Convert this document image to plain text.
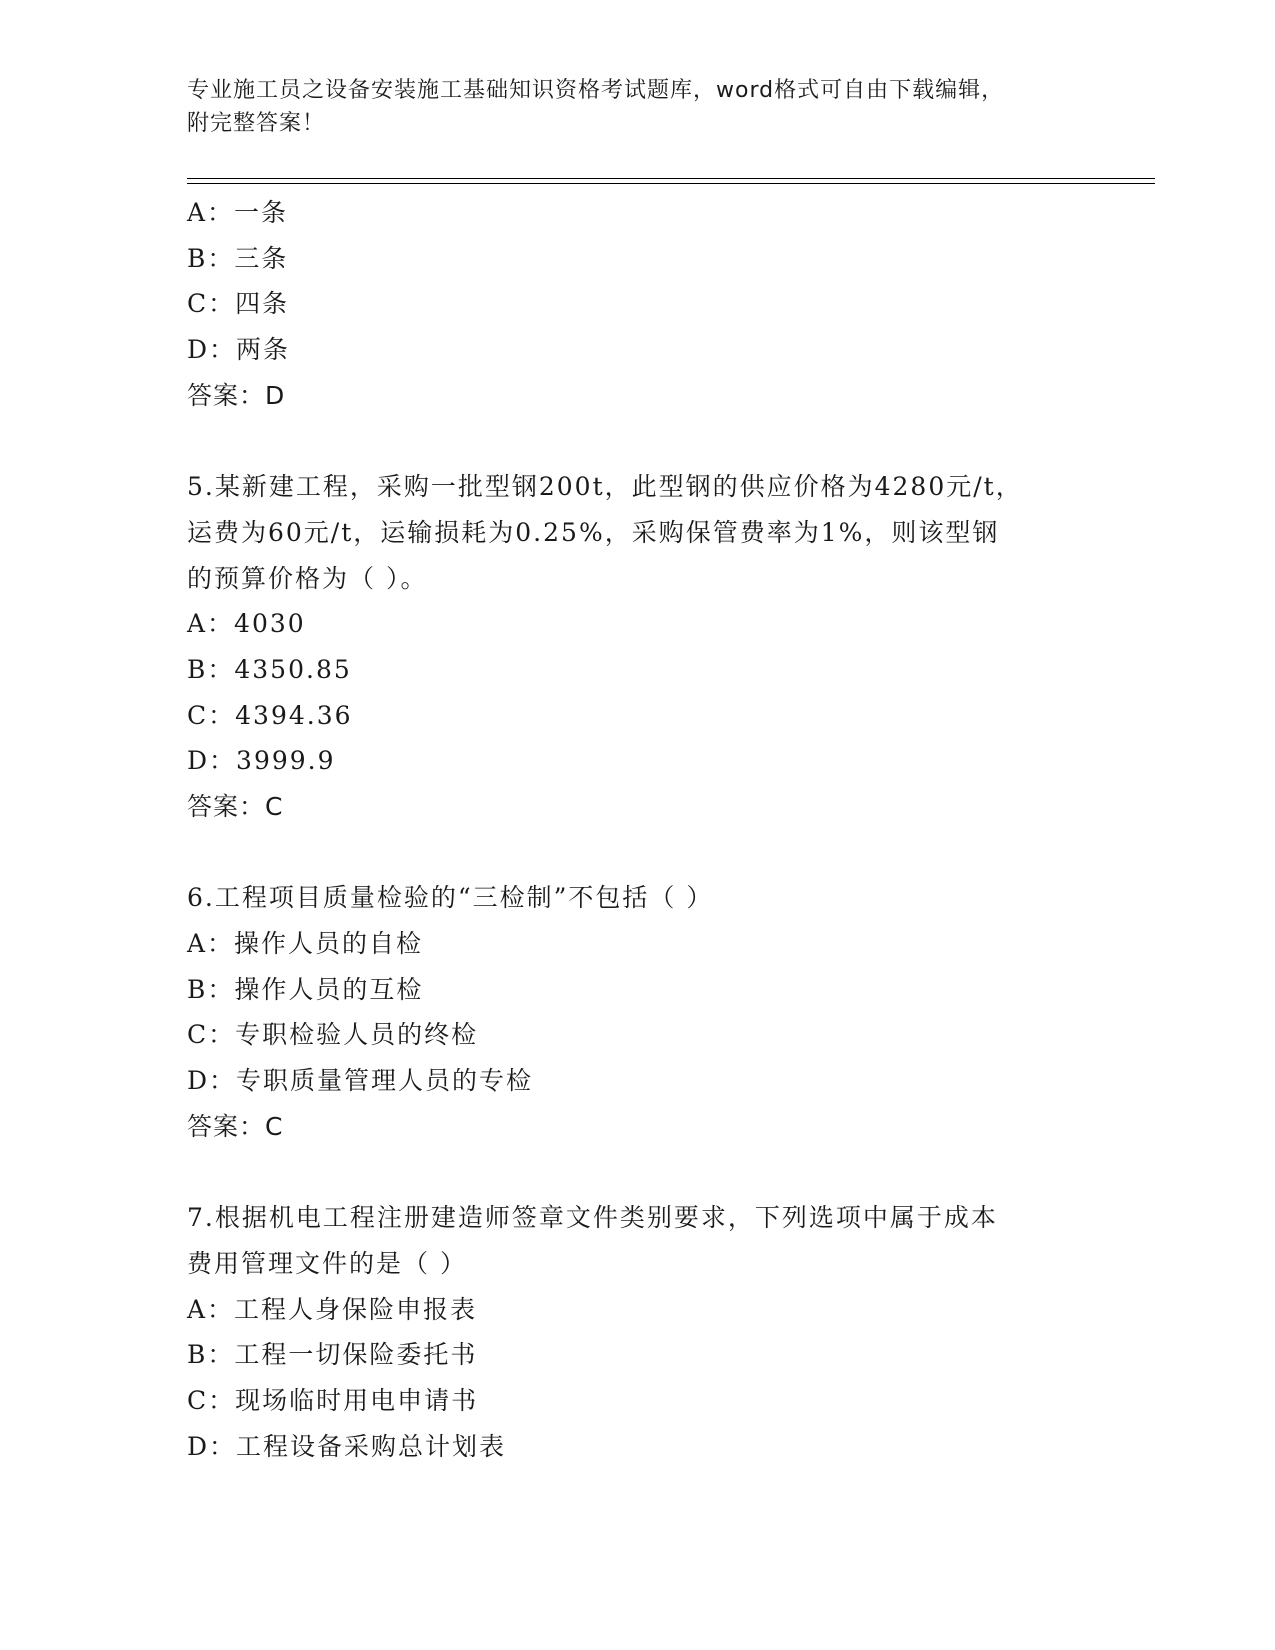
专业施工员之设备安装施工基础知识资格考试题库，word格式可自由下载编辑，
附完整答案！
A：一条
B：三条
C：四条
D：两条
答案：D
5.某新建工程，采购一批型钢200t，此型钢的供应价格为4280元/t，
运费为60元/t，运输损耗为0.25%，采购保管费率为1%，则该型钢
的预算价格为（ ）。
A：4030
B：4350.85
C：4394.36
D：3999.9
答案：C
6.工程项目质量检验的“三检制”不包括（ ）
A：操作人员的自检
B：操作人员的互检
C：专职检验人员的终检
D：专职质量管理人员的专检
答案：C
7.根据机电工程注册建造师签章文件类别要求，下列选项中属于成本
费用管理文件的是（ ）
A：工程人身保险申报表
B：工程一切保险委托书
C：现场临时用电申请书
D：工程设备采购总计划表
